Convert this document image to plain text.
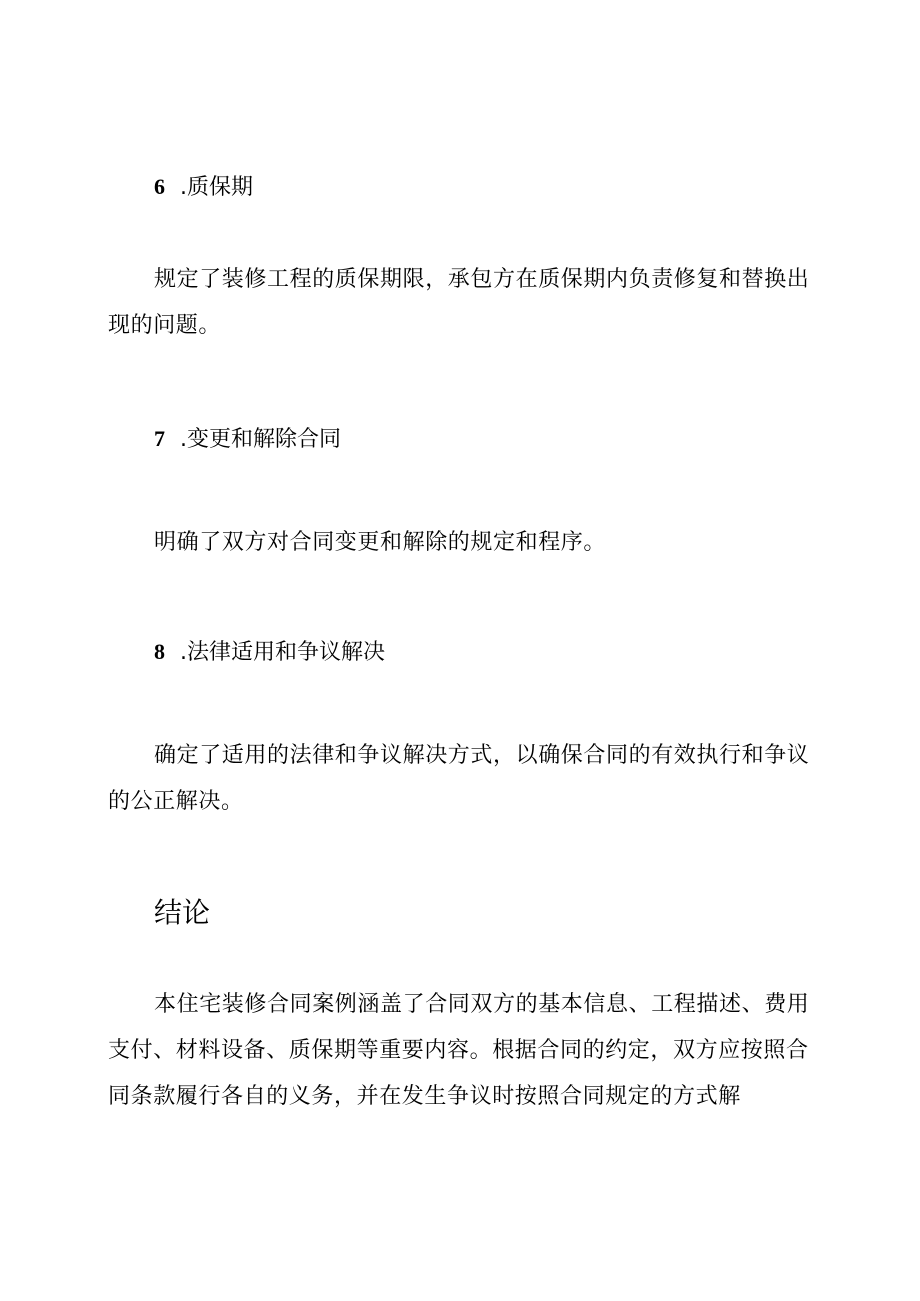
6 .质保期

规定了装修工程的质保期限，承包方在质保期内负责修复和替换出现的问题。

7 .变更和解除合同

明确了双方对合同变更和解除的规定和程序。

8 .法律适用和争议解决

确定了适用的法律和争议解决方式，以确保合同的有效执行和争议的公正解决。

结论

本住宅装修合同案例涵盖了合同双方的基本信息、工程描述、费用支付、材料设备、质保期等重要内容。根据合同的约定，双方应按照合同条款履行各自的义务，并在发生争议时按照合同规定的方式解
